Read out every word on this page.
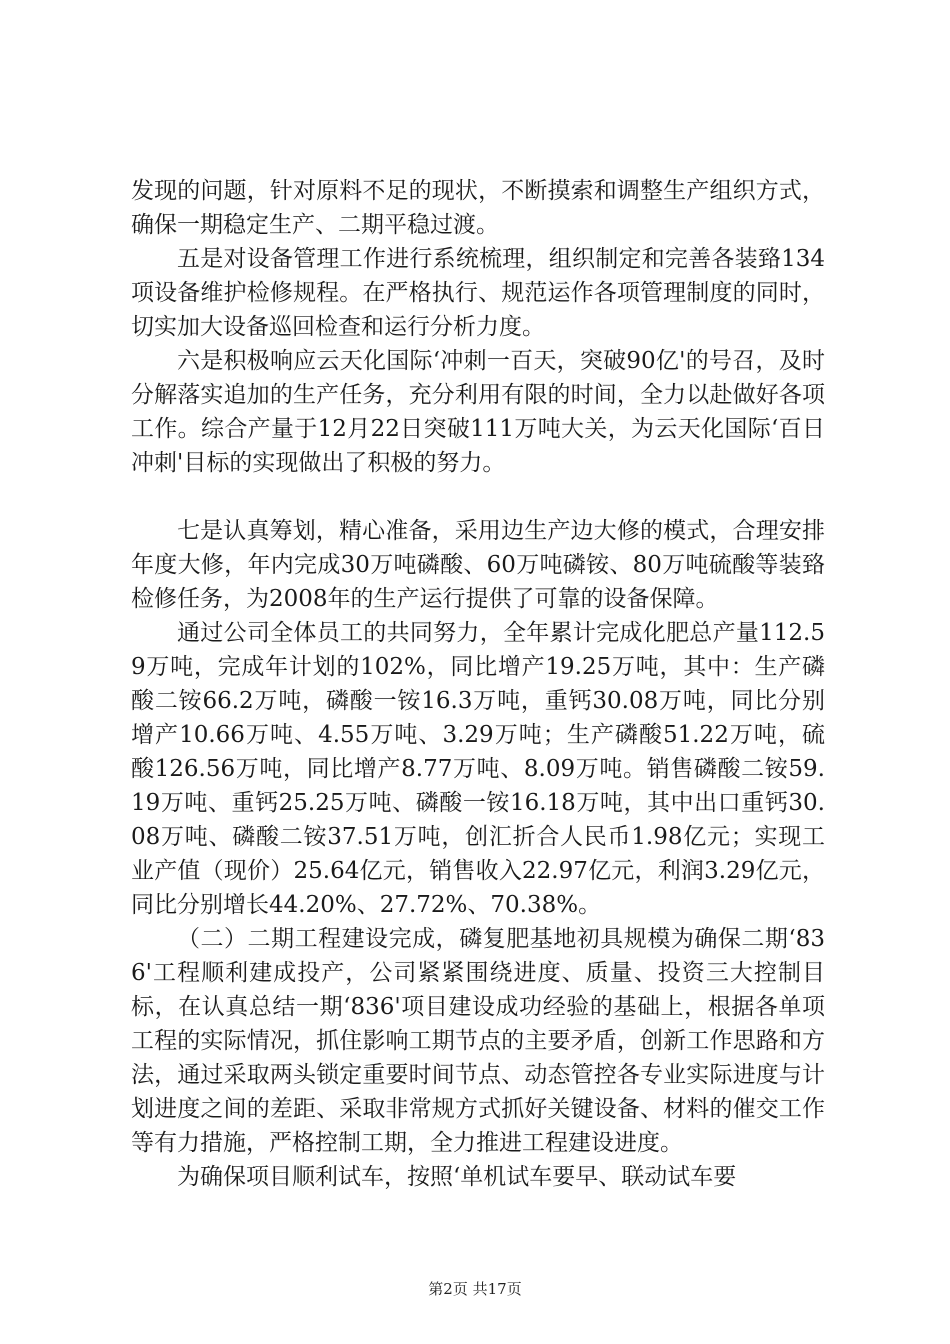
发现的问题，针对原料不足的现状，不断摸索和调整生产组织方式，确保一期稳定生产、二期平稳过渡。

五是对设备管理工作进行系统梳理，组织制定和完善各装臵134项设备维护检修规程。在严格执行、规范运作各项管理制度的同时，切实加大设备巡回检查和运行分析力度。

六是积极响应云天化国际‘冲刺一百天，突破90亿'的号召，及时分解落实追加的生产任务，充分利用有限的时间，全力以赴做好各项工作。综合产量于12月22日突破111万吨大关，为云天化国际‘百日冲刺'目标的实现做出了积极的努力。

七是认真筹划，精心准备，采用边生产边大修的模式，合理安排年度大修，年内完成30万吨磷酸、60万吨磷铵、80万吨硫酸等装臵检修任务，为2008年的生产运行提供了可靠的设备保障。

通过公司全体员工的共同努力，全年累计完成化肥总产量112.59万吨，完成年计划的102%，同比增产19.25万吨，其中：生产磷酸二铵66.2万吨，磷酸一铵16.3万吨，重钙30.08万吨，同比分别增产10.66万吨、4.55万吨、3.29万吨；生产磷酸51.22万吨，硫酸126.56万吨，同比增产8.77万吨、8.09万吨。销售磷酸二铵59.19万吨、重钙25.25万吨、磷酸一铵16.18万吨，其中出口重钙30.08万吨、磷酸二铵37.51万吨，创汇折合人民币1.98亿元；实现工业产值（现价）25.64亿元，销售收入22.97亿元，利润3.29亿元，同比分别增长44.20%、27.72%、70.38%。

（二）二期工程建设完成，磷复肥基地初具规模为确保二期‘836'工程顺利建成投产，公司紧紧围绕进度、质量、投资三大控制目标，在认真总结一期‘836'项目建设成功经验的基础上，根据各单项工程的实际情况，抓住影响工期节点的主要矛盾，创新工作思路和方法，通过采取两头锁定重要时间节点、动态管控各专业实际进度与计划进度之间的差距、采取非常规方式抓好关键设备、材料的催交工作等有力措施，严格控制工期，全力推进工程建设进度。

为确保项目顺利试车，按照‘单机试车要早、联动试车要

第2页 共17页
